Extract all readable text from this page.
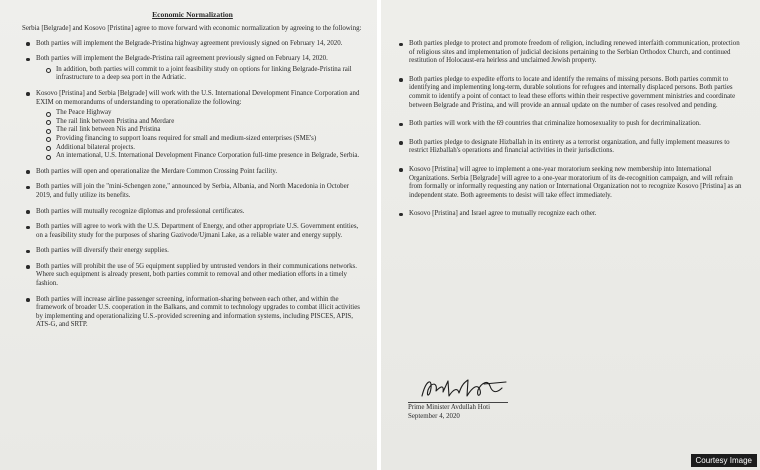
Economic Normalization
Serbia [Belgrade] and Kosovo [Pristina] agree to move forward with economic normalization by agreeing to the following:
Both parties will implement the Belgrade-Pristina highway agreement previously signed on February 14, 2020.
Both parties will implement the Belgrade-Pristina rail agreement previously signed on February 14, 2020.
In addition, both parties will commit to a joint feasibility study on options for linking Belgrade-Pristina rail infrastructure to a deep sea port in the Adriatic.
Kosovo [Pristina] and Serbia [Belgrade] will work with the U.S. International Development Finance Corporation and EXIM on memorandums of understanding to operationalize the following:
The Peace Highway
The rail link between Pristina and Merdare
The rail link between Nis and Pristina
Providing financing to support loans required for small and medium-sized enterprises (SME's)
Additional bilateral projects.
An international, U.S. International Development Finance Corporation full-time presence in Belgrade, Serbia.
Both parties will open and operationalize the Merdare Common Crossing Point facility.
Both parties will join the "mini-Schengen zone," announced by Serbia, Albania, and North Macedonia in October 2019, and fully utilize its benefits.
Both parties will mutually recognize diplomas and professional certificates.
Both parties will agree to work with the U.S. Department of Energy, and other appropriate U.S. Government entities, on a feasibility study for the purposes of sharing Gazivode/Ujmani Lake, as a reliable water and energy supply.
Both parties will diversify their energy supplies.
Both parties will prohibit the use of 5G equipment supplied by untrusted vendors in their communications networks. Where such equipment is already present, both parties commit to removal and other mediation efforts in a timely fashion.
Both parties will increase airline passenger screening, information-sharing between each other, and within the framework of broader U.S. cooperation in the Balkans, and commit to technology upgrades to combat illicit activities by implementing and operationalizing U.S.-provided screening and information systems, including PISCES, APIS, ATS-G, and SRTP.
Both parties pledge to protect and promote freedom of religion, including renewed interfaith communication, protection of religious sites and implementation of judicial decisions pertaining to the Serbian Orthodox Church, and continued restitution of Holocaust-era heirless and unclaimed Jewish property.
Both parties pledge to expedite efforts to locate and identify the remains of missing persons. Both parties commit to identifying and implementing long-term, durable solutions for refugees and internally displaced persons. Both parties commit to identify a point of contact to lead these efforts within their respective government ministries and coordinate between Belgrade and Pristina, and will provide an annual update on the number of cases resolved and pending.
Both parties will work with the 69 countries that criminalize homosexuality to push for decriminalization.
Both parties pledge to designate Hizballah in its entirety as a terrorist organization, and fully implement measures to restrict Hizballah's operations and financial activities in their jurisdictions.
Kosovo [Pristina] will agree to implement a one-year moratorium seeking new membership into International Organizations. Serbia [Belgrade] will agree to a one-year moratorium of its de-recognition campaign, and will refrain from formally or informally requesting any nation or International Organization not to recognize Kosovo [Pristina] as an independent state. Both agreements to desist will take effect immediately.
Kosovo [Pristina] and Israel agree to mutually recognize each other.
Prime Minister Avdullah Hoti
September 4, 2020
Courtesy Image
